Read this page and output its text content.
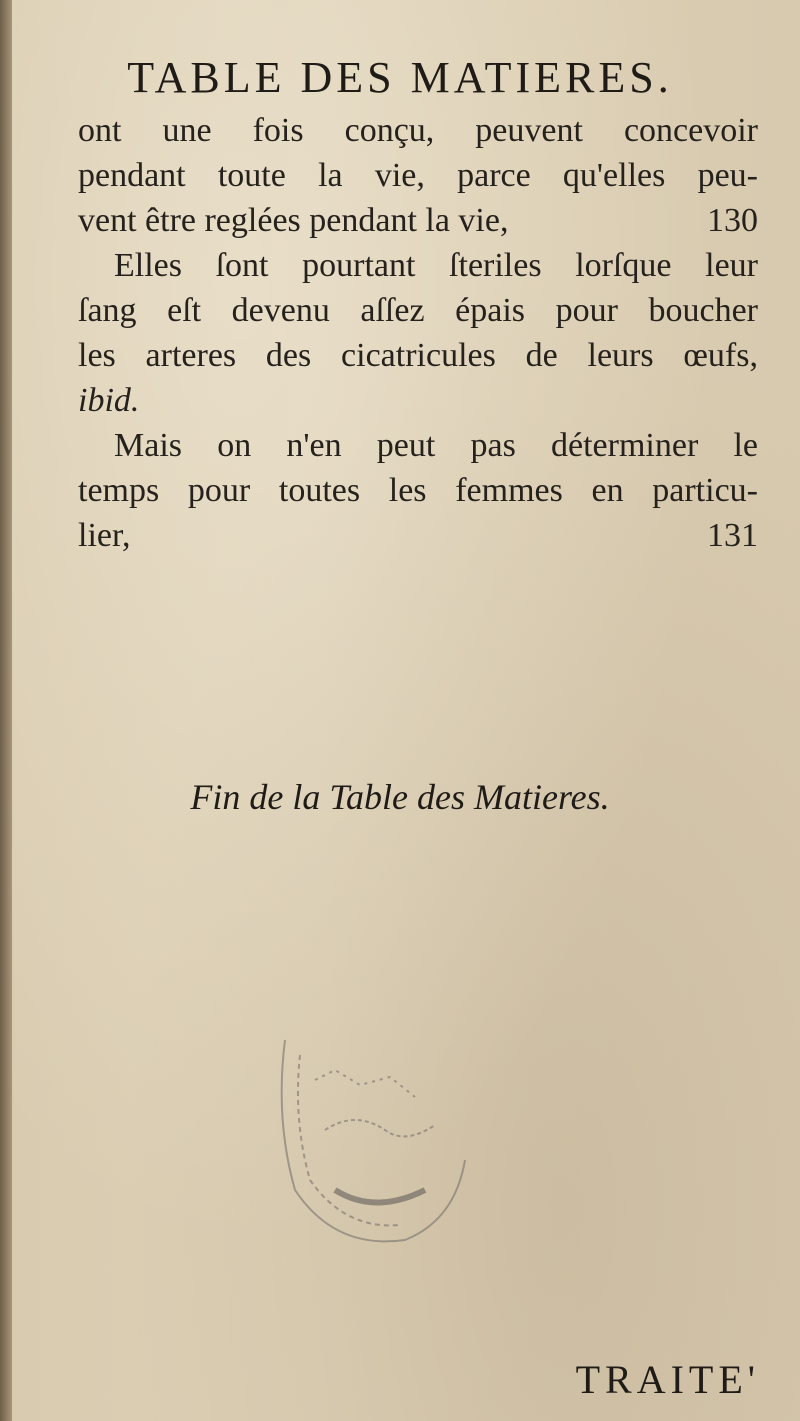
TABLE DES MATIERES.
ont une fois conçu, peuvent concevoir
pendant toute la vie, parce qu'elles peu-
vent être reglées pendant la vie,	130
Elles ſont pourtant ſteriles lorſque leur
ſang eſt devenu aſſez épais pour boucher
les arteres des cicatricules de leurs œufs,
ibid.
Mais on n'en peut pas déterminer le
temps pour toutes les femmes en particu-
lier,	131
Fin de la Table des Matieres.
TRAITE'
